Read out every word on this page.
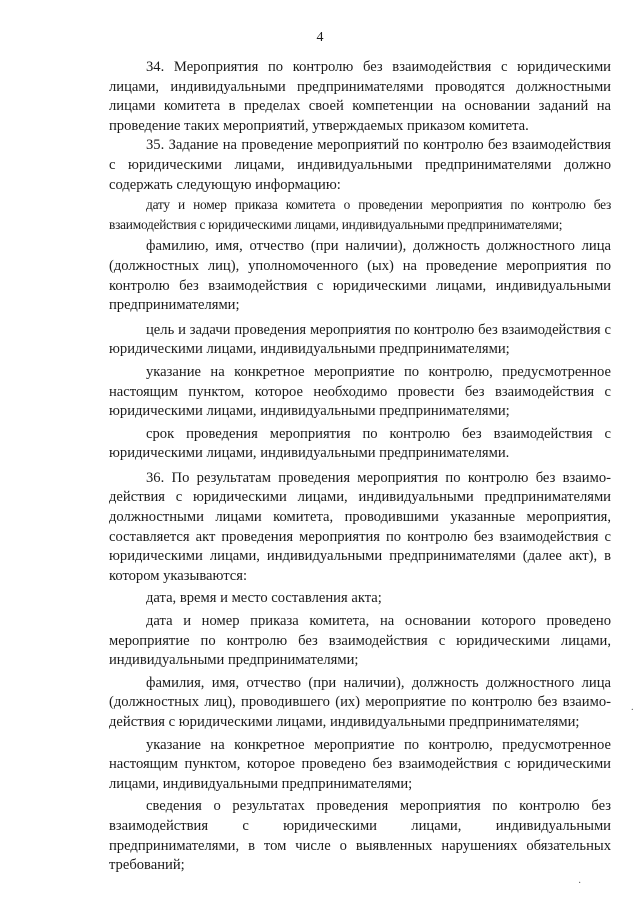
4

34. Мероприятия по контролю без взаимодействия с юридическими лицами, индивидуальными предпринимателями проводятся должностными лицами комитета в пределах своей компетенции на основании заданий на проведение таких мероприятий, утверждаемых приказом комитета.

35. Задание на проведение мероприятий по контролю без взаимодействия с юридическими лицами, индивидуальными предпринимателями должно содержать следующую информацию:

дату и номер приказа комитета о проведении мероприятия по контролю без взаимодействия с юридическими лицами, индивидуальными предпринимателями;

фамилию, имя, отчество (при наличии), должность должностного лица (должностных лиц), уполномоченного (ых) на проведение мероприятия по контролю без взаимодействия с юридическими лицами, индивидуальными предпринимателями;

цель и задачи проведения мероприятия по контролю без взаимодействия с юридическими лицами, индивидуальными предпринимателями;

указание на конкретное мероприятие по контролю, предусмотренное настоящим пунктом, которое необходимо провести без взаимодействия с юридическими лицами, индивидуальными предпринимателями;

срок проведения мероприятия по контролю без взаимодействия с юридическими лицами, индивидуальными предпринимателями.

36. По результатам проведения мероприятия по контролю без взаимодействия с юридическими лицами, индивидуальными предпринимателями должностными лицами комитета, проводившими указанные мероприятия, составляется акт проведения мероприятия по контролю без взаимодействия с юридическими лицами, индивидуальными предпринимателями (далее акт), в котором указываются:

дата, время и место составления акта;

дата и номер приказа комитета, на основании которого проведено мероприятие по контролю без взаимодействия с юридическими лицами, индивидуальными предпринимателями;

фамилия, имя, отчество (при наличии), должность должностного лица (должностных лиц), проводившего (их) мероприятие по контролю без взаимодействия с юридическими лицами, индивидуальными предпринимателями;

указание на конкретное мероприятие по контролю, предусмотренное настоящим пунктом, которое проведено без взаимодействия с юридическими лицами, индивидуальными предпринимателями;

сведения о результатах проведения мероприятия по контролю без взаимодействия с юридическими лицами, индивидуальными предпринимателями, в том числе о выявленных нарушениях обязательных требований;

·
·
